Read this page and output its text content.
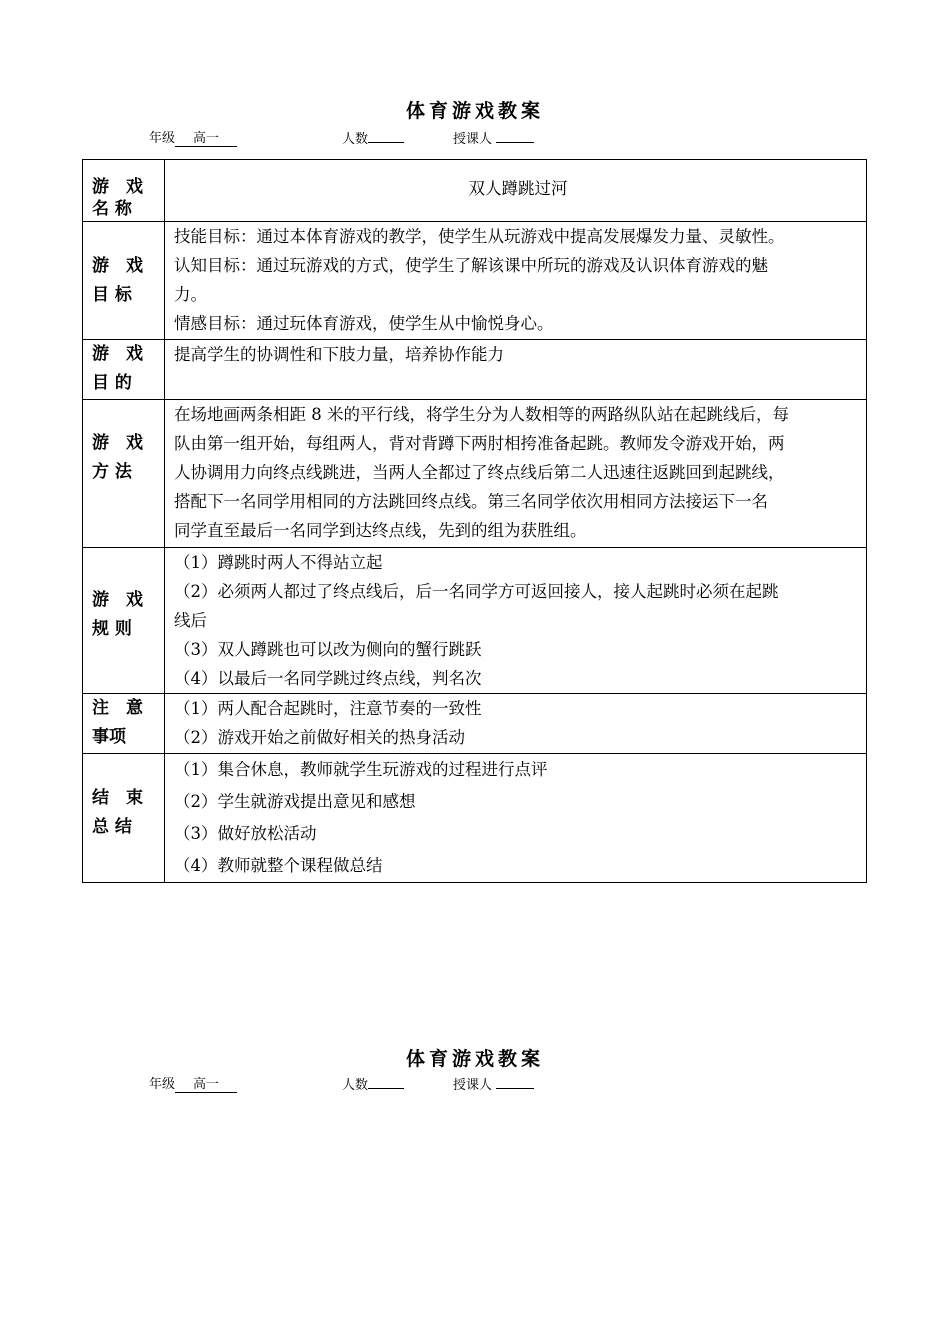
体育游戏教案
年级 高一	人数	授课人
游　戏
名 称	双人蹲跳过河

游　戏
目 标	技能目标：通过本体育游戏的教学，使学生从玩游戏中提高发展爆发力量、灵敏性。
认知目标：通过玩游戏的方式，使学生了解该课中所玩的游戏及认识体育游戏的魅
力。
情感目标：通过玩体育游戏，使学生从中愉悦身心。

游　戏
目 的	提高学生的协调性和下肢力量，培养协作能力

游　戏
方 法	在场地画两条相距 8 米的平行线，将学生分为人数相等的两路纵队站在起跳线后，每
队由第一组开始，每组两人，背对背蹲下两肘相挎准备起跳。教师发令游戏开始，两
人协调用力向终点线跳进，当两人全都过了终点线后第二人迅速往返跳回到起跳线，
搭配下一名同学用相同的方法跳回终点线。第三名同学依次用相同方法接运下一名
同学直至最后一名同学到达终点线，先到的组为获胜组。

游　戏
规 则	（1）蹲跳时两人不得站立起
（2）必须两人都过了终点线后，后一名同学方可返回接人，接人起跳时必须在起跳
线后
（3）双人蹲跳也可以改为侧向的蟹行跳跃
（4）以最后一名同学跳过终点线，判名次

注　意
事项	（1）两人配合起跳时，注意节奏的一致性
（2）游戏开始之前做好相关的热身活动

结　束
总 结	（1）集合休息，教师就学生玩游戏的过程进行点评
（2）学生就游戏提出意见和感想
（3）做好放松活动
（4）教师就整个课程做总结
体育游戏教案
年级 高一	人数	授课人
